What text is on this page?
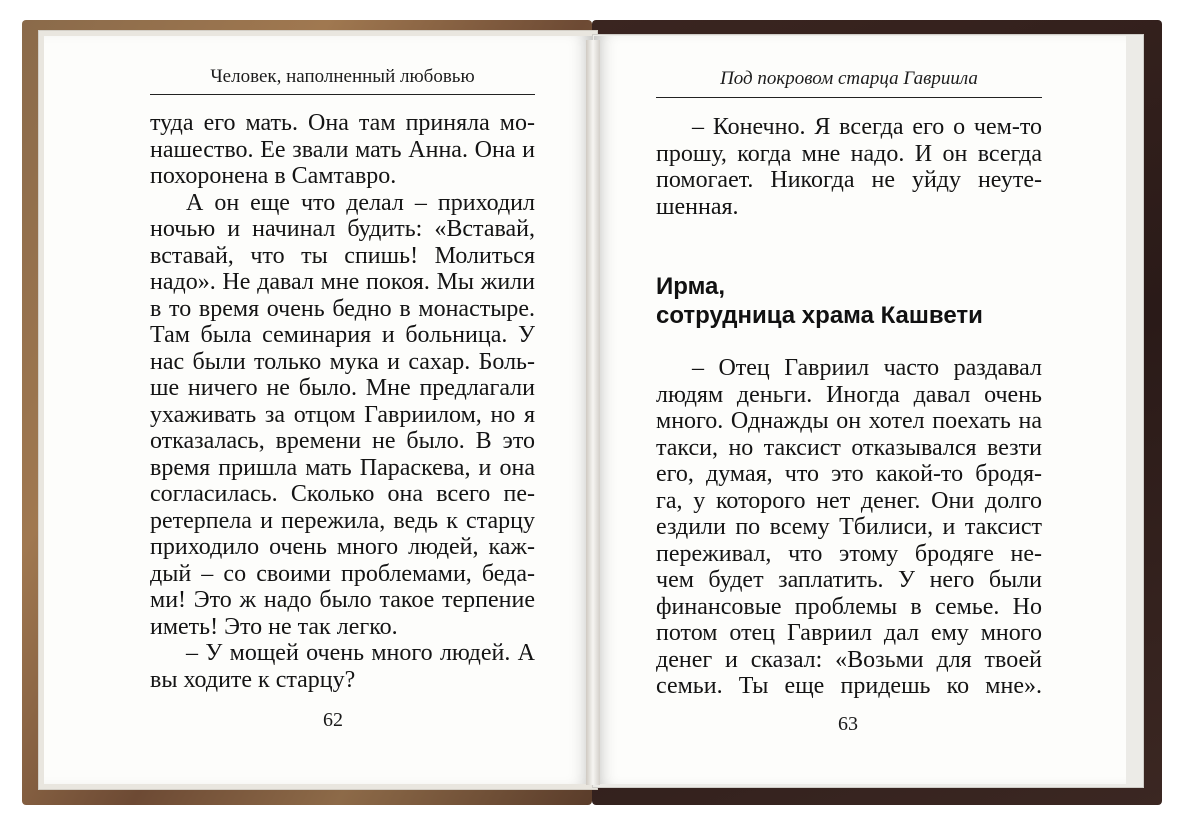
Человек, наполненный любовью	Под покровом старца Гавриила
туда его мать. Она там приняла мо-
нашество. Ее звали мать Анна. Она и
похоронена в Самтавро.
А он еще что делал – приходил
ночью и начинал будить: «Вставай,
вставай, что ты спишь! Молиться
надо». Не давал мне покоя. Мы жили
в то время очень бедно в монастыре.
Там была семинария и больница. У
нас были только мука и сахар. Боль-
ше ничего не было. Мне предлагали
ухаживать за отцом Гавриилом, но я
отказалась, времени не было. В это
время пришла мать Параскева, и она
согласилась. Сколько она всего пе-
ретерпела и пережила, ведь к старцу
приходило очень много людей, каж-
дый – со своими проблемами, беда-
ми! Это ж надо было такое терпение
иметь! Это не так легко.
– У мощей очень много людей. А
вы ходите к старцу?
– Конечно. Я всегда его о чем-то
прошу, когда мне надо. И он всегда
помогает. Никогда не уйду неуте-
шенная.
Ирма,
сотрудница храма Кашвети
– Отец Гавриил часто раздавал
людям деньги. Иногда давал очень
много. Однажды он хотел поехать на
такси, но таксист отказывался везти
его, думая, что это какой-то бродя-
га, у которого нет денег. Они долго
ездили по всему Тбилиси, и таксист
переживал, что этому бродяге не-
чем будет заплатить. У него были
финансовые проблемы в семье. Но
потом отец Гавриил дал ему много
денег и сказал: «Возьми для твоей
семьи. Ты еще придешь ко мне».
62	63
